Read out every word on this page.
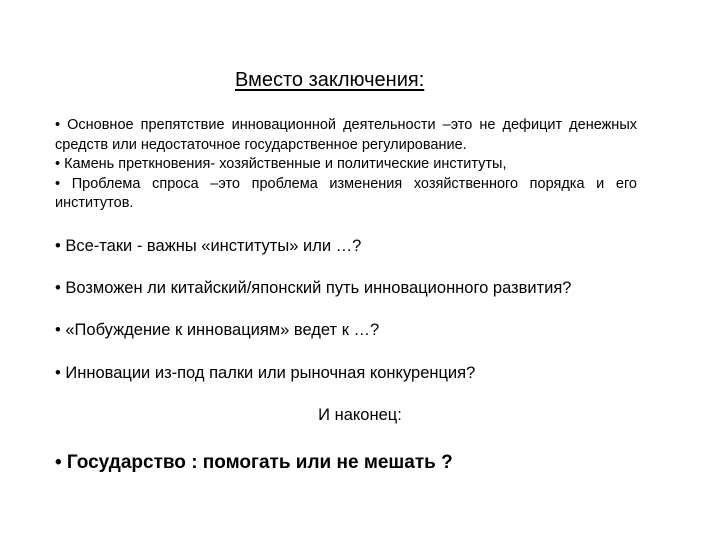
Вместо заключения:

• Основное препятствие инновационной деятельности –это не дефицит денежных средств или недостаточное государственное регулирование.

• Камень преткновения- хозяйственные и политические институты,

• Проблема спроса –это проблема изменения хозяйственного порядка и его институтов.

• Все-таки - важны «институты» или …?
• Возможен ли китайский/японский путь инновационного развития?
• «Побуждение к инновациям» ведет к …?
• Инновации из-под палки или рыночная конкуренция?
И наконец:
• Государство : помогать или не мешать ?
